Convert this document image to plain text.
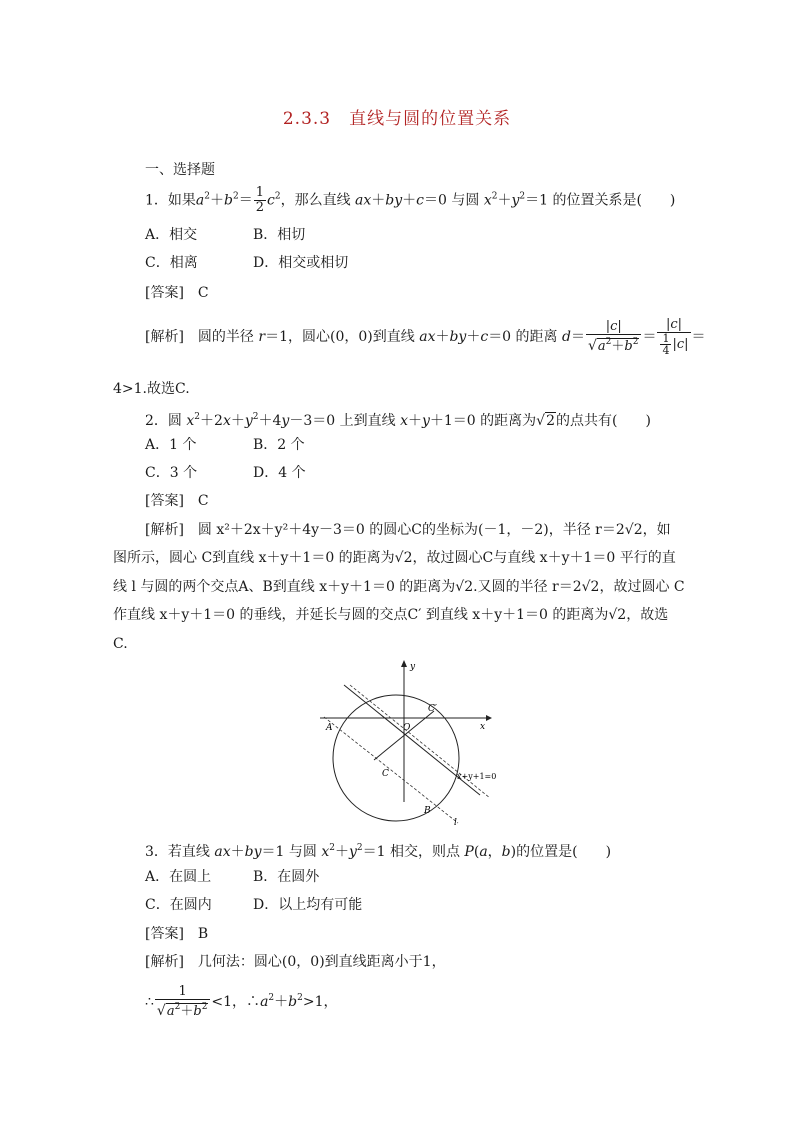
2.3.3　直线与圆的位置关系
一、选择题
1．如果$a^2+b^2= \frac{1}{2} c^2$，那么直线 ax＋by＋c＝0 与圆 $x^2+y^2=1$ 的位置关系是(　　)
A．相交	B．相切
C．相离	D．相交或相切
[答案]　C
[解析]　圆的半径 r＝1，圆心(0，0)到直线 ax＋by＋c＝0 的距离 $d= \frac{|c|}{√a^2+b^2} = \frac{|c|}{\frac{1}{4} |c|}$ ＝
4>1.故选C.
2．圆 $x^2+2x+y^2+4y-3=0$ 上到直线 x＋y＋1＝0 的距离为√2的点共有(　　)
A．1 个	B．2 个
C．3 个	D．4 个
[答案]　C
[解析]　圆 x²＋2x＋y²＋4y－3＝0 的圆心C的坐标为(－1，－2)，半径 r＝2√2，如
图所示，圆心 C到直线 x＋y＋1＝0 的距离为√2，故过圆心C与直线 x＋y＋1＝0 平行的直
线 l 与圆的两个交点A、B到直线 x＋y＋1＝0 的距离为√2.又圆的半径 r＝2√2，故过圆心 C
作直线 x＋y＋1＝0 的垂线，并延长与圆的交点C′ 到直线 x＋y＋1＝0 的距离为√2，故选
C.
y
x
O
A
B
C
C′
l
x+y+1=0
3．若直线 ax＋by＝1 与圆 $x^2+y^2=1$ 相交，则点 P(a，b)的位置是(　　)
A．在圆上	B．在圆外
C．在圆内	D．以上均有可能
[答案]　B
[解析]　几何法：圆心(0，0)到直线距离小于1，
∴ $\frac{1}{√a^2+b^2} <1$，$\therefore a^2+b^2>1$，
